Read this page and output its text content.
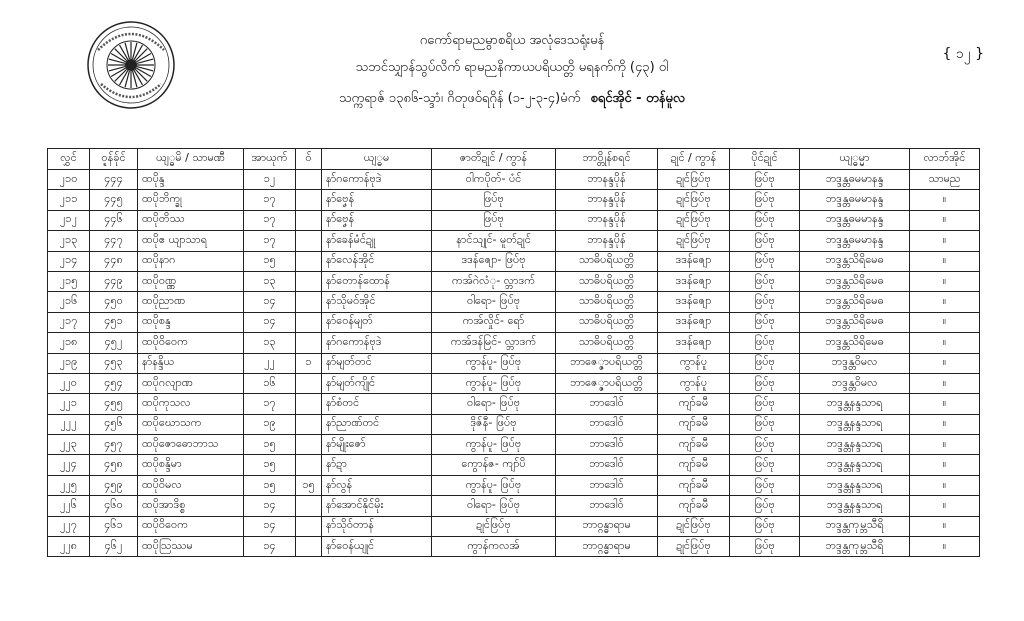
ဂကော်ရာမညမွာစရိယ အလုံဒေသရုံးမန်
သဘင်သျှာန်သွပ်လိက် ရာမညနိကာယပရိယတ္တိ မရနက်ကို (၄၃) ဝါ
သက္ကရာဇ် ၁၃၈၆-သ္ဒာံ၊ ဂိတုဖဝ်ရဂိုန် (၁-၂-၃-၄)မံက် စရင်အိုင် - တန်မူလ
{ ၁၂ }
လွှင်	ဝ္ဍန်ခ်ုင်	ယျ္ဓမိ / သာမဏီ	အာယုက်	ဝ်	ယျ္ဓမ	ဇာတိဍုင် / ကွာန်	ဘာဝ္တိုန်စရင်	ဍုင် / ကွာန်	ပိုင်ဍုင်	ယျ္ဓမ္မာ	လာဘ်အိုင်
၂၁၀	၄၄၄	ထပိုန္ဒ	၁၂		နာ်ဂကောန်ဗုဒဲ	ဝါကပိုတ်- ပံင်	ဘာနန္ဒပိုန်	ဍုင်ဖြပ်ဗု	ဖြပ်ဗု	ဘဒ္ဒန္တဓမမာနန္ဒ	သာမည
၂၁၁	၄၄၅	ထပိုဘိက္ခု	၁၇		နာ်ဗၞေန်	ဖြပ်ဗု	ဘာနန္ဒပိုန်	ဍုင်ဖြပ်ဗု	ဖြပ်ဗု	ဘဒ္ဒန္တဓမမာနန္ဒ	။
၂၁၂	၄၄၆	ထပိုတိဿ	၁၇		နာ်ဗၞေန်	ဖြပ်ဗု	ဘာနန္ဒပိုန်	ဍုင်ဖြပ်ဗု	ဖြပ်ဗု	ဘဒ္ဒန္တဓမမာနန္ဒ	။
၂၁၃	၄၄၇	ထပိုဧ ယျာသာရ	၁၇		နာ်ခေန်မံင်ဍူ	နာင်သျုင်- မူတ်ဍုင်	ဘာနန္ဒပိုန်	ဍုင်ဖြပ်ဗု	ဖြပ်ဗု	ဘဒ္ဒန္တဓမမာနန္ဒ	။
၂၁၄	၄၄၈	ထပိုနာဂ	၁၅		နာ်လေန်အိုင်	ဒဒန်ဇျော- ဖြပ်ဗု	သာဓိပရိယတ္တိ	ဒဒန်ဇျော	ဖြပ်ဗု	ဘဒ္ဒန္တသိရိမေဓ	။
၂၁၅	၄၄၉	ထပိုဝဏ္ဏ	၁၃		နာ်တောန်ထောန်	ကအ်ဂဲလံု- လ္ဘာဒက်	သာဓိပရိယတ္တိ	ဒဒန်ဇျော	ဖြပ်ဗု	ဘဒ္ဒန္တသိရိမေဓ	။
၂၁၆	၄၅၀	ထပိုညာဏ	၁၄		နာ်သိုမဝ်အိုင်	ဝါရော- ဖြပ်ဗု	သာဓိပရိယတ္တိ	ဒဒန်ဇျော	ဖြပ်ဗု	ဘဒ္ဒန္တသိရိမေဓ	။
၂၁၇	၄၅၁	ထပိုစန္ဒ	၁၄		နာ်ဝေန်မျတ်	ကအ်လှိုင်- ရော်	သာဓိပရိယတ္တိ	ဒဒန်ဇျော	ဖြပ်ဗု	ဘဒ္ဒန္တသိရိမေဓ	။
၂၁၈	၄၅၂	ထပိုဝိဝေက	၁၃		နာ်ဂကောန်ဗုဒဲ	ကအ်ဒန်မြင်- လ္ဘာဒက်	သာဓိပရိယတ္တိ	ဒဒန်ဇျော	ဖြပ်ဗု	ဘဒ္ဒန္တသိရိမေဓ	။
၂၁၉	၄၅၃	နာ်နန္ဒိယ	၂၂	၁	နာ်မျတ်တင်	ကွာန်ပူ- ဖြပ်ဗု	ဘာဇေ္ဇာပရိယတ္တိ	ကွာန်ပူ	ဖြပ်ဗု	ဘဒ္ဒန္တဝိမလ	။
၂၂၀	၄၅၄	ထပိုဂလျာဏ	၁၆		နာ်မျတ်ကျိုင်	ကွာန်ပူ- ဖြပ်ဗု	ဘာဇေ္ဇာပရိယတ္တိ	ကွာန်ပူ	ဖြပ်ဗု	ဘဒ္ဒန္တဝိမလ	။
၂၂၁	၄၅၅	ထပိုကုသလ	၁၇		နာ်စံတင်	ဝါရော- ဖြပ်ဗု	ဘာဒေါဝ်	ကျာ်ခမီ	ဖြပ်ဗု	ဘဒ္ဒန္တနန္ဒသာရ	။
၂၂၂	၄၅၆	ထပိုဃောသက	၁၉		နာ်ညာဏ်တင်	ဒိုဇ်နီ- ဖြပ်ဗု	ဘာဒေါဝ်	ကျာ်ခမီ	ဖြပ်ဗု	ဘဒ္ဒန္တနန္ဒသာရ	။
၂၂၃	၄၅၇	ထပိုဇောဓောဘာသ	၁၅		နာ်မျိုးဇော်	ကွာန်ပူ- ဖြပ်ဗု	ဘာဒေါဝ်	ကျာ်ခမီ	ဖြပ်ဗု	ဘဒ္ဒန္တနန္ဒသာရ	။
၂၂၄	၄၅၈	ထပိုစန္ဒိမာ	၁၅		နာ်ဍာ	ကွောန်ဇ- ကျာ်ပိ	ဘာဒေါဝ်	ကျာ်ခမီ	ဖြပ်ဗု	ဘဒ္ဒန္တနန္ဒသာရ	။
၂၂၅	၄၅၉	ထပိုဝိမလ	၁၅	၁၅	နာ်လွန်	ကွာန်ပူ- ဖြပ်ဗု	ဘာဒေါဝ်	ကျာ်ခမီ	ဖြပ်ဗု	ဘဒ္ဒန္တနန္ဒသာရ	။
၂၂၆	၄၆၀	ထပိုအာဒိစ္စ	၁၄		နာ်အောင်နိုင်မိုး	ဝါရော- ဖြပ်ဗု	ဘာဒေါဝ်	ကျာ်ခမီ	ဖြပ်ဗု	ဘဒ္ဒန္တနန္ဒသာရ	။
၂၂၇	၄၆၁	ထပိုဝိဝေက	၁၄		နာ်သိုဝ်တာန်	ဍုင်ဖြပ်ဗု	ဘာဝ္ဂန္ဓာရာမ	ဍုင်ဖြပ်ဗု	ဖြပ်ဗု	ဘဒ္ဒန္တကုမ္ဘသီရိ	။
၂၂၈	၄၆၂	ထပိုဩဿမ	၁၄		နာ်ဝေန်ယျုင်	ကွာန်ကလအ်	ဘာဝ္ဂန္ဓာရာမ	ဍုင်ဖြပ်ဗု	ဖြပ်ဗု	ဘဒ္ဒန္တကုမ္ဘသီရိ	။
